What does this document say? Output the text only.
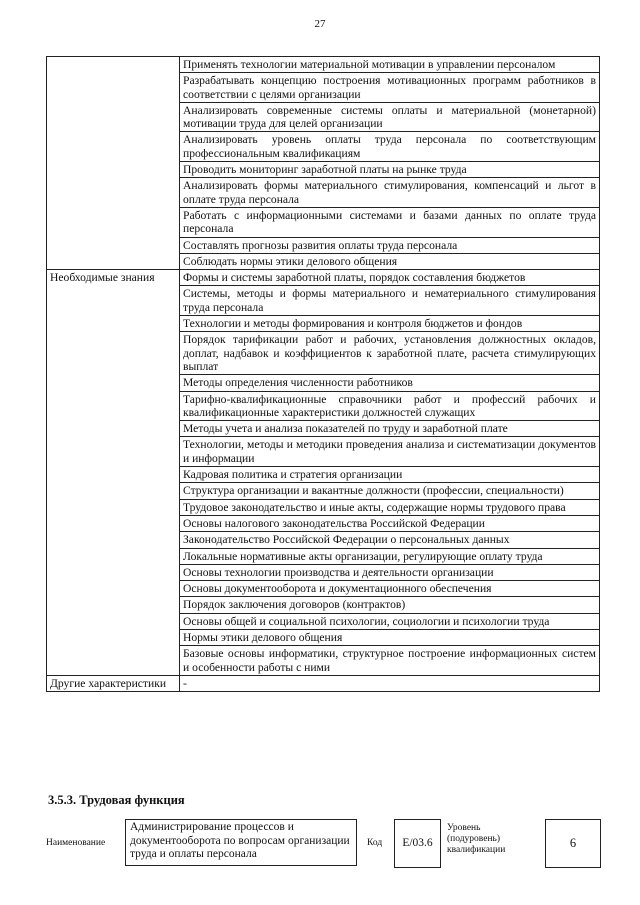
27
	Применять технологии материальной мотивации в управлении персоналом
	Разрабатывать концепцию построения мотивационных программ работников в соответствии с целями организации
	Анализировать современные системы оплаты и материальной (монетарной) мотивации труда для целей организации
	Анализировать уровень оплаты труда персонала по соответствующим профессиональным квалификациям
	Проводить мониторинг заработной платы на рынке труда
	Анализировать формы материального стимулирования, компенсаций и льгот в оплате труда персонала
	Работать с информационными системами и базами данных по оплате труда персонала
	Составлять прогнозы развития оплаты труда персонала
	Соблюдать нормы этики делового общения
Необходимые знания	Формы и системы заработной платы, порядок составления бюджетов
	Системы, методы и формы материального и нематериального стимулирования труда персонала
	Технологии и методы формирования и контроля бюджетов и фондов
	Порядок тарификации работ и рабочих, установления должностных окладов, доплат, надбавок и коэффициентов к заработной плате, расчета стимулирующих выплат
	Методы определения численности работников
	Тарифно-квалификационные справочники работ и профессий рабочих и квалификационные характеристики должностей служащих
	Методы учета и анализа показателей по труду и заработной плате
	Технологии, методы и методики проведения анализа и систематизации документов и информации
	Кадровая политика и стратегия организации
	Структура организации и вакантные должности (профессии, специальности)
	Трудовое законодательство и иные акты, содержащие нормы трудового права
	Основы налогового законодательства Российской Федерации
	Законодательство Российской Федерации о персональных данных
	Локальные нормативные акты организации, регулирующие оплату труда
	Основы технологии производства и деятельности организации
	Основы документооборота и документационного обеспечения
	Порядок заключения договоров (контрактов)
	Основы общей и социальной психологии, социологии и психологии труда
	Нормы этики делового общения
	Базовые основы информатики, структурное построение информационных систем и особенности работы с ними
Другие характеристики	-
3.5.3. Трудовая функция
Наименование
Администрирование процессов и документооборота по вопросам организации труда и оплаты персонала
Код	E/03.6
Уровень (подуровень) квалификации	6
